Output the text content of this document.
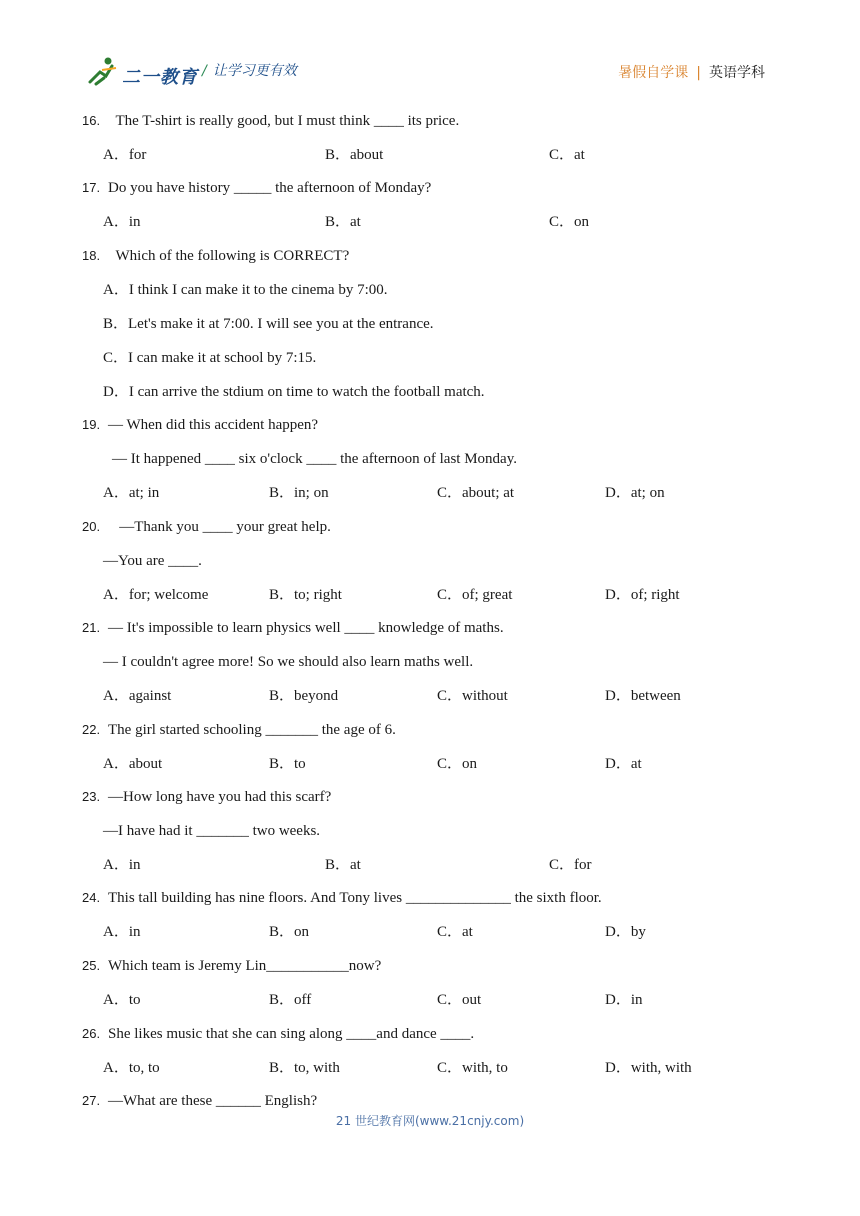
二一教育 / 让学习更有效	暑假自学课 | 英语学科
16. The T-shirt is really good, but I must think ____ its price.
A．for	B．about	C．at
17. Do you have history _____ the afternoon of Monday?
A．in	B．at	C．on
18. Which of the following is CORRECT?
A．I think I can make it to the cinema by 7:00.
B．Let's make it at 7:00. I will see you at the entrance.
C．I can make it at school by 7:15.
D．I can arrive the stdium on time to watch the football match.
19. — When did this accident happen?
— It happened ____ six o'clock ____ the afternoon of last Monday.
A．at; in	B．in; on	C．about; at	D．at; on
20. —Thank you ____ your great help.
—You are ____.
A．for; welcome	B．to; right	C．of; great	D．of; right
21. — It's impossible to learn physics well ____ knowledge of maths.
— I couldn't agree more! So we should also learn maths well.
A．against	B．beyond	C．without	D．between
22. The girl started schooling _______ the age of 6.
A．about	B．to	C．on	D．at
23. —How long have you had this scarf?
—I have had it _______ two weeks.
A．in	B．at	C．for
24. This tall building has nine floors. And Tony lives ______________ the sixth floor.
A．in	B．on	C．at	D．by
25. Which team is Jeremy Lin___________now?
A．to	B．off	C．out	D．in
26. She likes music that she can sing along ____and dance ____.
A．to, to	B．to, with	C．with, to	D．with, with
27. —What are these ______ English?
21 世纪教育网(www.21cnjy.com)
